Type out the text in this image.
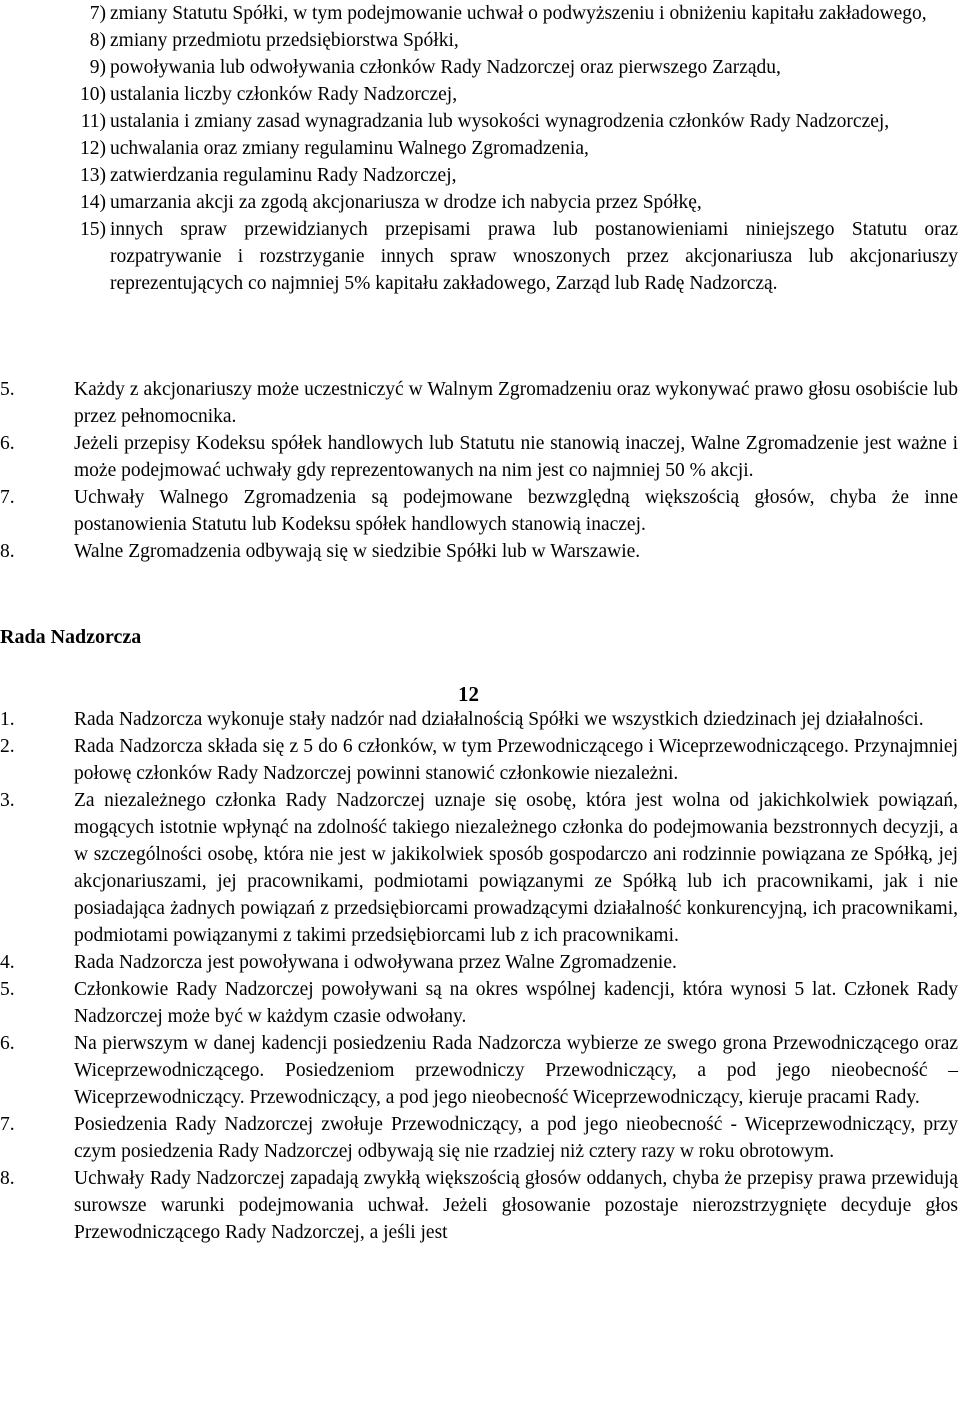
7) zmiany Statutu Spółki, w tym podejmowanie uchwał o podwyższeniu i obniżeniu kapitału zakładowego,

8) zmiany przedmiotu przedsiębiorstwa Spółki,

9) powoływania lub odwoływania członków Rady Nadzorczej oraz pierwszego Zarządu,

10) ustalania liczby członków Rady Nadzorczej,

11) ustalania i zmiany zasad wynagradzania lub wysokości wynagrodzenia członków Rady Nadzorczej,

12) uchwalania oraz zmiany regulaminu Walnego Zgromadzenia,

13) zatwierdzania regulaminu Rady Nadzorczej,

14) umarzania akcji za zgodą akcjonariusza w drodze ich nabycia przez Spółkę,

15) innych spraw przewidzianych przepisami prawa lub postanowieniami niniejszego Statutu oraz rozpatrywanie i rozstrzyganie innych spraw wnoszonych przez akcjonariusza lub akcjonariuszy reprezentujących co najmniej 5% kapitału zakładowego, Zarząd lub Radę Nadzorczą.

5.	Każdy z akcjonariuszy może uczestniczyć w Walnym Zgromadzeniu oraz wykonywać prawo głosu osobiście lub przez pełnomocnika.

6.	Jeżeli przepisy Kodeksu spółek handlowych lub Statutu nie stanowią inaczej, Walne Zgromadzenie jest ważne i może podejmować uchwały gdy reprezentowanych na nim jest co najmniej 50 % akcji.

7.	Uchwały Walnego Zgromadzenia są podejmowane bezwzględną większością głosów, chyba że inne postanowienia Statutu lub Kodeksu spółek handlowych stanowią inaczej.

8.	Walne Zgromadzenia odbywają się w siedzibie Spółki lub w Warszawie.

Rada Nadzorcza
12

1.	Rada Nadzorcza wykonuje stały nadzór nad działalnością Spółki we wszystkich dziedzinach jej działalności.

2.	Rada Nadzorcza składa się z 5 do 6 członków, w tym Przewodniczącego i Wiceprzewodniczącego. Przynajmniej połowę członków Rady Nadzorczej powinni stanowić członkowie niezależni.

3.	Za niezależnego członka Rady Nadzorczej uznaje się osobę, która jest wolna od jakichkolwiek powiązań, mogących istotnie wpłynąć na zdolność takiego niezależnego członka do podejmowania bezstronnych decyzji, a w szczególności osobę, która nie jest w jakikolwiek sposób gospodarczo ani rodzinnie powiązana ze Spółką, jej akcjonariuszami, jej pracownikami, podmiotami powiązanymi ze Spółką lub ich pracownikami, jak i nie posiadająca żadnych powiązań z przedsiębiorcami prowadzącymi działalność konkurencyjną, ich pracownikami, podmiotami powiązanymi z takimi przedsiębiorcami lub z ich pracownikami.

4.	Rada Nadzorcza jest powoływana i odwoływana przez Walne Zgromadzenie.

5.	Członkowie Rady Nadzorczej powoływani są na okres wspólnej kadencji, która wynosi 5 lat. Członek Rady Nadzorczej może być w każdym czasie odwołany.

6.	Na pierwszym w danej kadencji posiedzeniu Rada Nadzorcza wybierze ze swego grona Przewodniczącego oraz Wiceprzewodniczącego. Posiedzeniom przewodniczy Przewodniczący, a pod jego nieobecność – Wiceprzewodniczący. Przewodniczący, a pod jego nieobecność Wiceprzewodniczący, kieruje pracami Rady.

7.	Posiedzenia Rady Nadzorczej zwołuje Przewodniczący, a pod jego nieobecność - Wiceprzewodniczący, przy czym posiedzenia Rady Nadzorczej odbywają się nie rzadziej niż cztery razy w roku obrotowym.

8.	Uchwały Rady Nadzorczej zapadają zwykłą większością głosów oddanych, chyba że przepisy prawa przewidują surowsze warunki podejmowania uchwał. Jeżeli głosowanie pozostaje nierozstrzygnięte decyduje głos Przewodniczącego Rady Nadzorczej, a jeśli jest
